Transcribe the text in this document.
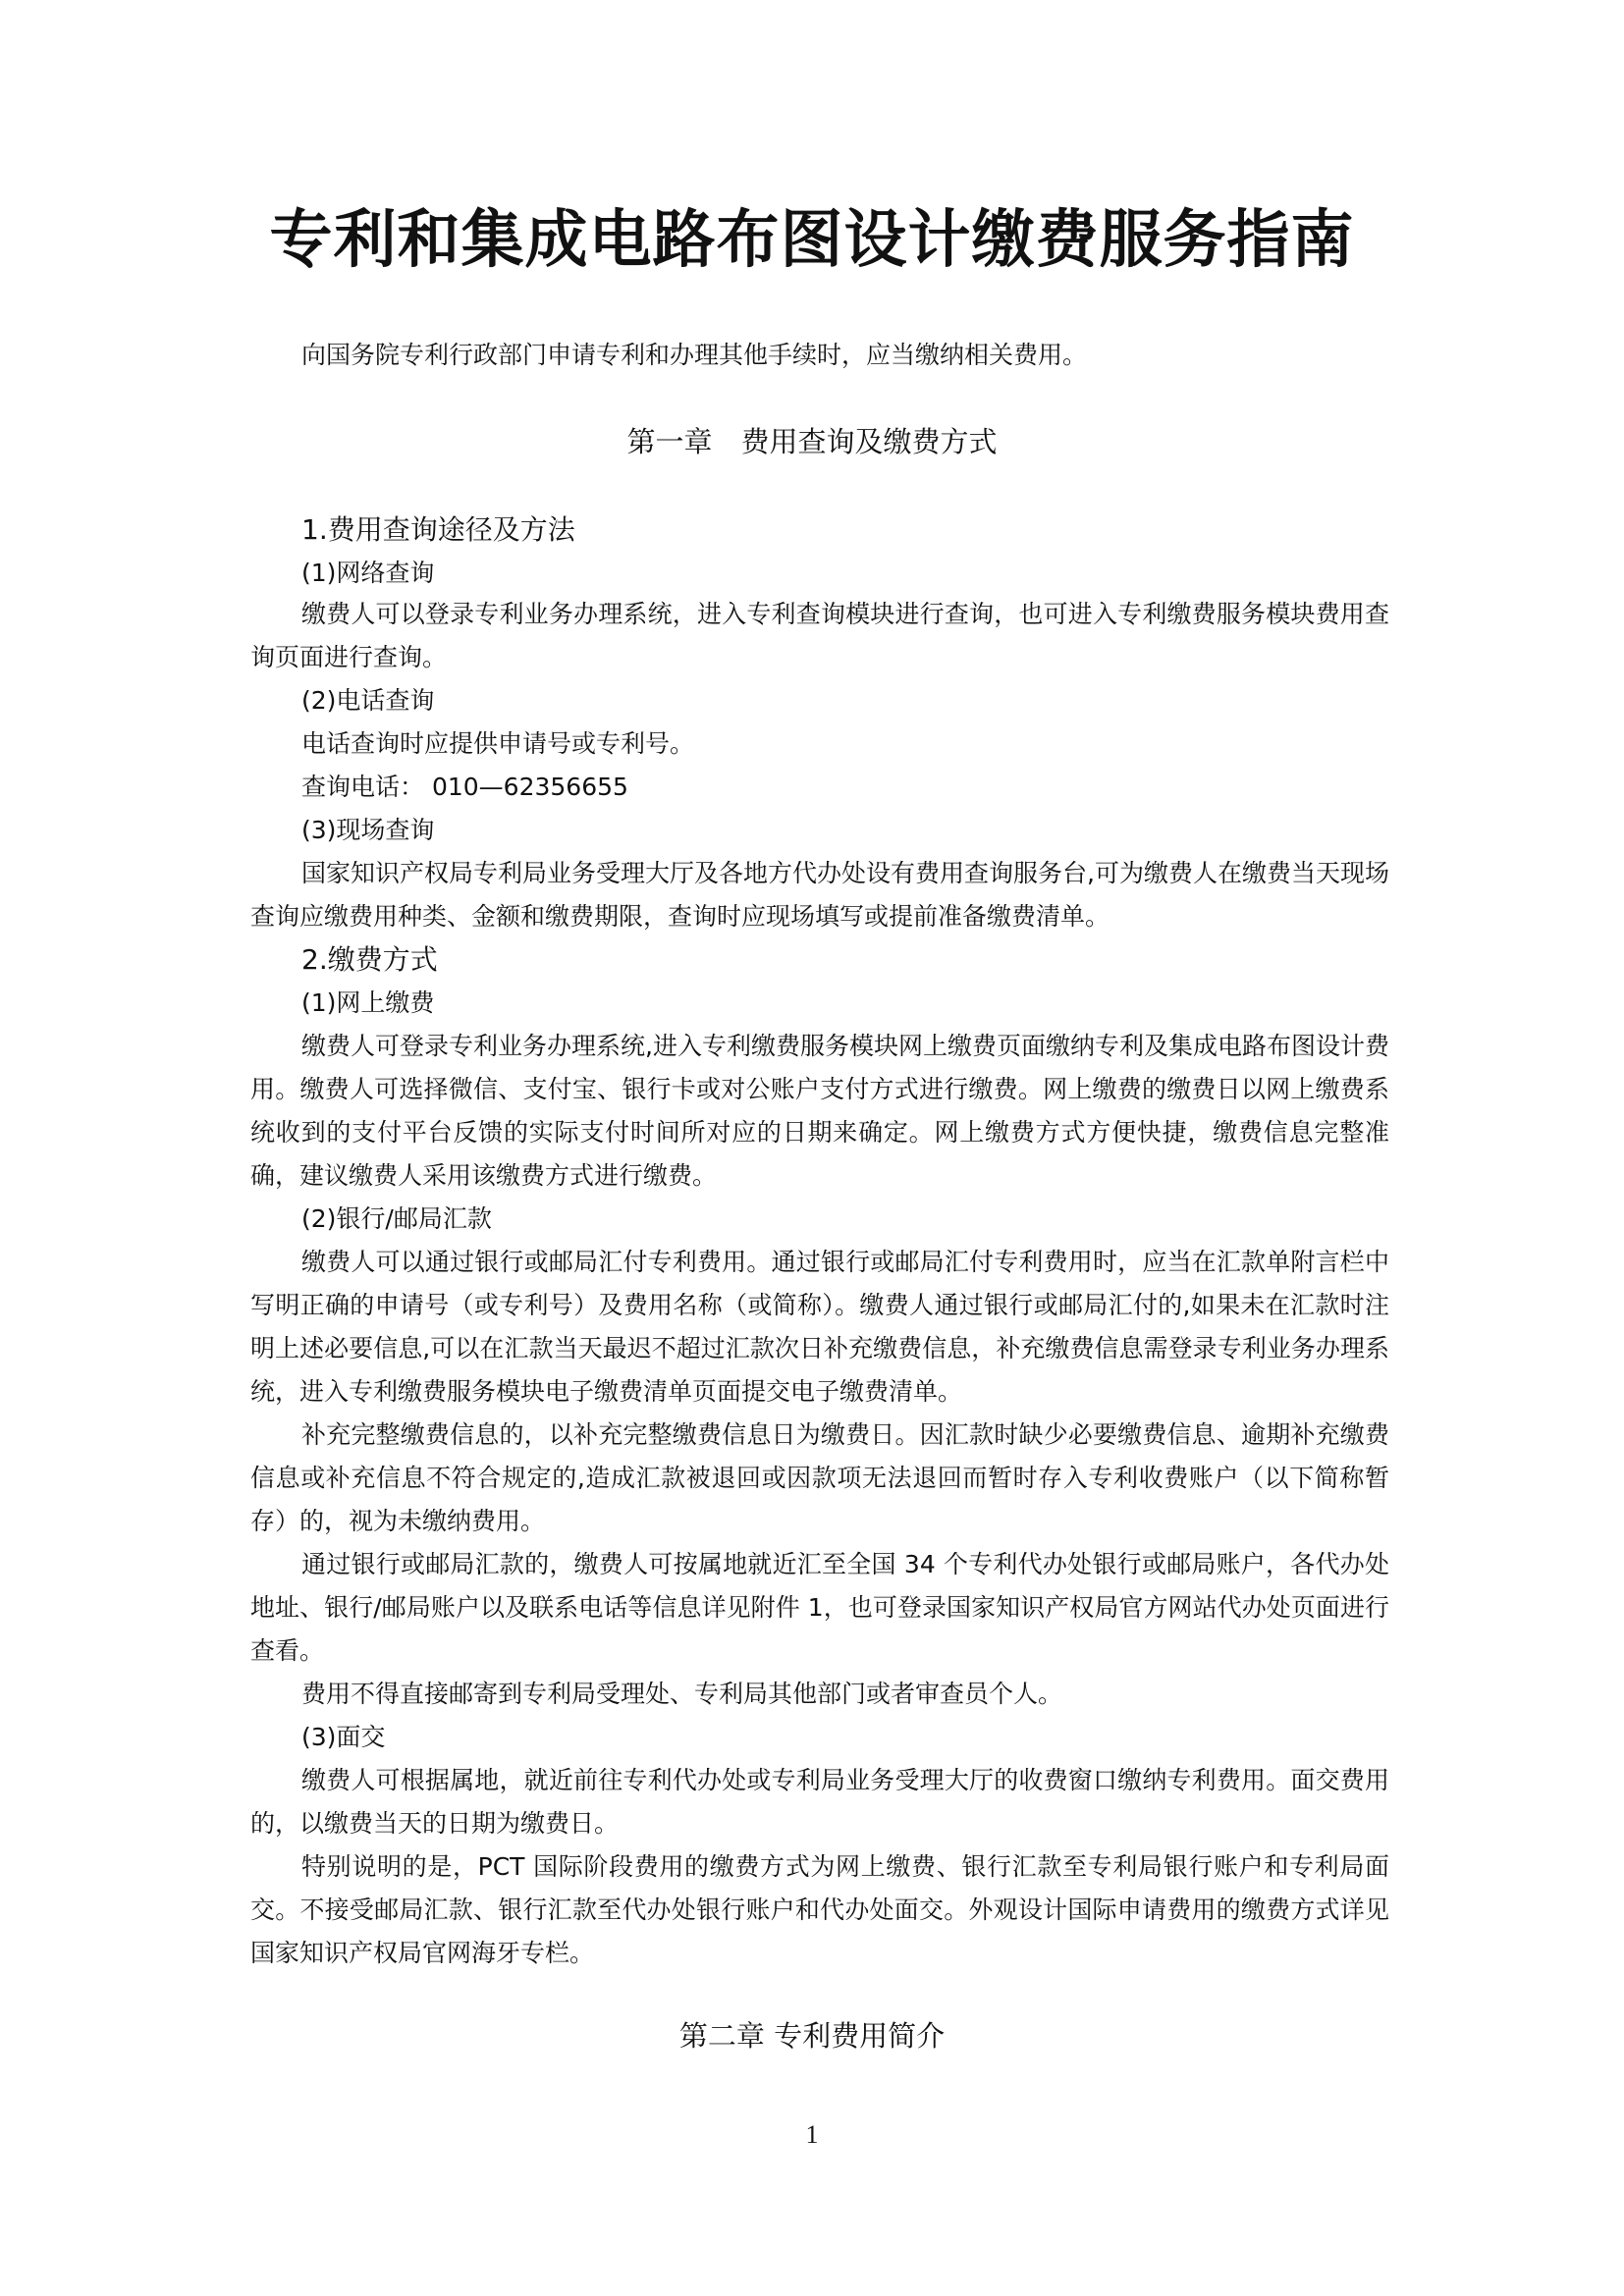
专利和集成电路布图设计缴费服务指南
向国务院专利行政部门申请专利和办理其他手续时，应当缴纳相关费用。
第一章　费用查询及缴费方式
1.费用查询途径及方法
(1)网络查询
缴费人可以登录专利业务办理系统，进入专利查询模块进行查询，也可进入专利缴费服务模块费用查询页面进行查询。
(2)电话查询
电话查询时应提供申请号或专利号。
查询电话： 010—62356655
(3)现场查询
国家知识产权局专利局业务受理大厅及各地方代办处设有费用查询服务台,可为缴费人在缴费当天现场查询应缴费用种类、金额和缴费期限，查询时应现场填写或提前准备缴费清单。
2.缴费方式
(1)网上缴费
缴费人可登录专利业务办理系统,进入专利缴费服务模块网上缴费页面缴纳专利及集成电路布图设计费用。缴费人可选择微信、支付宝、银行卡或对公账户支付方式进行缴费。网上缴费的缴费日以网上缴费系统收到的支付平台反馈的实际支付时间所对应的日期来确定。网上缴费方式方便快捷，缴费信息完整准确，建议缴费人采用该缴费方式进行缴费。
(2)银行/邮局汇款
缴费人可以通过银行或邮局汇付专利费用。通过银行或邮局汇付专利费用时，应当在汇款单附言栏中写明正确的申请号（或专利号）及费用名称（或简称）。缴费人通过银行或邮局汇付的,如果未在汇款时注明上述必要信息,可以在汇款当天最迟不超过汇款次日补充缴费信息，补充缴费信息需登录专利业务办理系统，进入专利缴费服务模块电子缴费清单页面提交电子缴费清单。
补充完整缴费信息的，以补充完整缴费信息日为缴费日。因汇款时缺少必要缴费信息、逾期补充缴费信息或补充信息不符合规定的,造成汇款被退回或因款项无法退回而暂时存入专利收费账户（以下简称暂存）的，视为未缴纳费用。
通过银行或邮局汇款的，缴费人可按属地就近汇至全国 34 个专利代办处银行或邮局账户，各代办处地址、银行/邮局账户以及联系电话等信息详见附件 1，也可登录国家知识产权局官方网站代办处页面进行查看。
费用不得直接邮寄到专利局受理处、专利局其他部门或者审查员个人。
(3)面交
缴费人可根据属地，就近前往专利代办处或专利局业务受理大厅的收费窗口缴纳专利费用。面交费用的，以缴费当天的日期为缴费日。
特别说明的是，PCT 国际阶段费用的缴费方式为网上缴费、银行汇款至专利局银行账户和专利局面交。不接受邮局汇款、银行汇款至代办处银行账户和代办处面交。外观设计国际申请费用的缴费方式详见国家知识产权局官网海牙专栏。
第二章 专利费用简介
1
